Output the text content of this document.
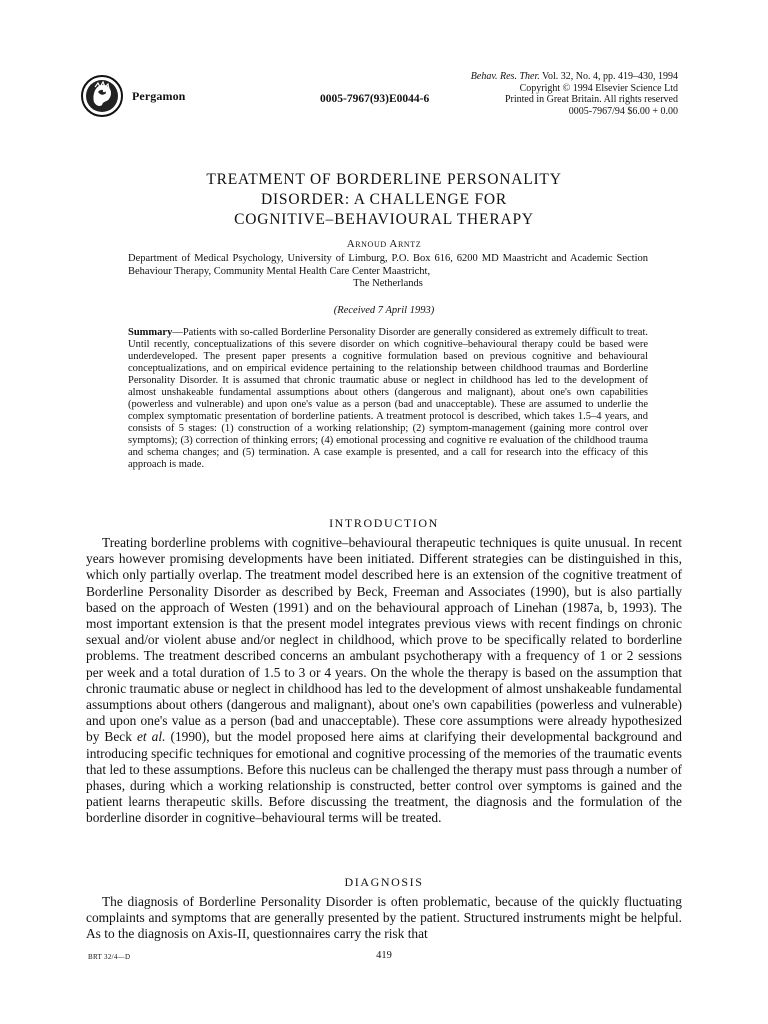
Pergamon	0005-7967(93)E0044-6
Behav. Res. Ther. Vol. 32, No. 4, pp. 419–430, 1994
Copyright © 1994 Elsevier Science Ltd
Printed in Great Britain. All rights reserved
0005-7967/94 $6.00 + 0.00
TREATMENT OF BORDERLINE PERSONALITY
DISORDER: A CHALLENGE FOR
COGNITIVE–BEHAVIOURAL THERAPY
Arnoud Arntz
Department of Medical Psychology, University of Limburg, P.O. Box 616, 6200 MD Maastricht and Academic Section Behaviour Therapy, Community Mental Health Care Center Maastricht,
The Netherlands
(Received 7 April 1993)
Summary—Patients with so-called Borderline Personality Disorder are generally considered as extremely difficult to treat. Until recently, conceptualizations of this severe disorder on which cognitive–behavioural therapy could be based were underdeveloped. The present paper presents a cognitive formulation based on previous cognitive and behavioural conceptualizations, and on empirical evidence pertaining to the relationship between childhood traumas and Borderline Personality Disorder. It is assumed that chronic traumatic abuse or neglect in childhood has led to the development of almost unshakeable fundamental assumptions about others (dangerous and malignant), about one's own capabilities (powerless and vulnerable) and upon one's value as a person (bad and unacceptable). These are assumed to underlie the complex symptomatic presentation of borderline patients. A treatment protocol is described, which takes 1.5–4 years, and consists of 5 stages: (1) construction of a working relationship; (2) symptom-management (gaining more control over symptoms); (3) correction of thinking errors; (4) emotional processing and cognitive re evaluation of the childhood trauma and schema changes; and (5) termination. A case example is presented, and a call for research into the efficacy of this approach is made.
INTRODUCTION

Treating borderline problems with cognitive–behavioural therapeutic techniques is quite unusual. In recent years however promising developments have been initiated. Different strategies can be distinguished in this, which only partially overlap. The treatment model described here is an extension of the cognitive treatment of Borderline Personality Disorder as described by Beck, Freeman and Associates (1990), but is also partially based on the approach of Westen (1991) and on the behavioural approach of Linehan (1987a, b, 1993). The most important extension is that the present model integrates previous views with recent findings on chronic sexual and/or violent abuse and/or neglect in childhood, which prove to be specifically related to borderline problems. The treatment described concerns an ambulant psychotherapy with a frequency of 1 or 2 sessions per week and a total duration of 1.5 to 3 or 4 years. On the whole the therapy is based on the assumption that chronic traumatic abuse or neglect in childhood has led to the development of almost unshakeable fundamental assumptions about others (dangerous and malignant), about one's own capabilities (powerless and vulnerable) and upon one's value as a person (bad and unacceptable). These core assumptions were already hypothesized by Beck et al. (1990), but the model proposed here aims at clarifying their developmental background and introducing specific techniques for emotional and cognitive processing of the memories of the traumatic events that led to these assumptions. Before this nucleus can be challenged the therapy must pass through a number of phases, during which a working relationship is constructed, better control over symptoms is gained and the patient learns therapeutic skills. Before discussing the treatment, the diagnosis and the formulation of the borderline disorder in cognitive–behavioural terms will be treated.

DIAGNOSIS

The diagnosis of Borderline Personality Disorder is often problematic, because of the quickly fluctuating complaints and symptoms that are generally presented by the patient. Structured instruments might be helpful. As to the diagnosis on Axis-II, questionnaires carry the risk that

BRT 32/4—D	419
